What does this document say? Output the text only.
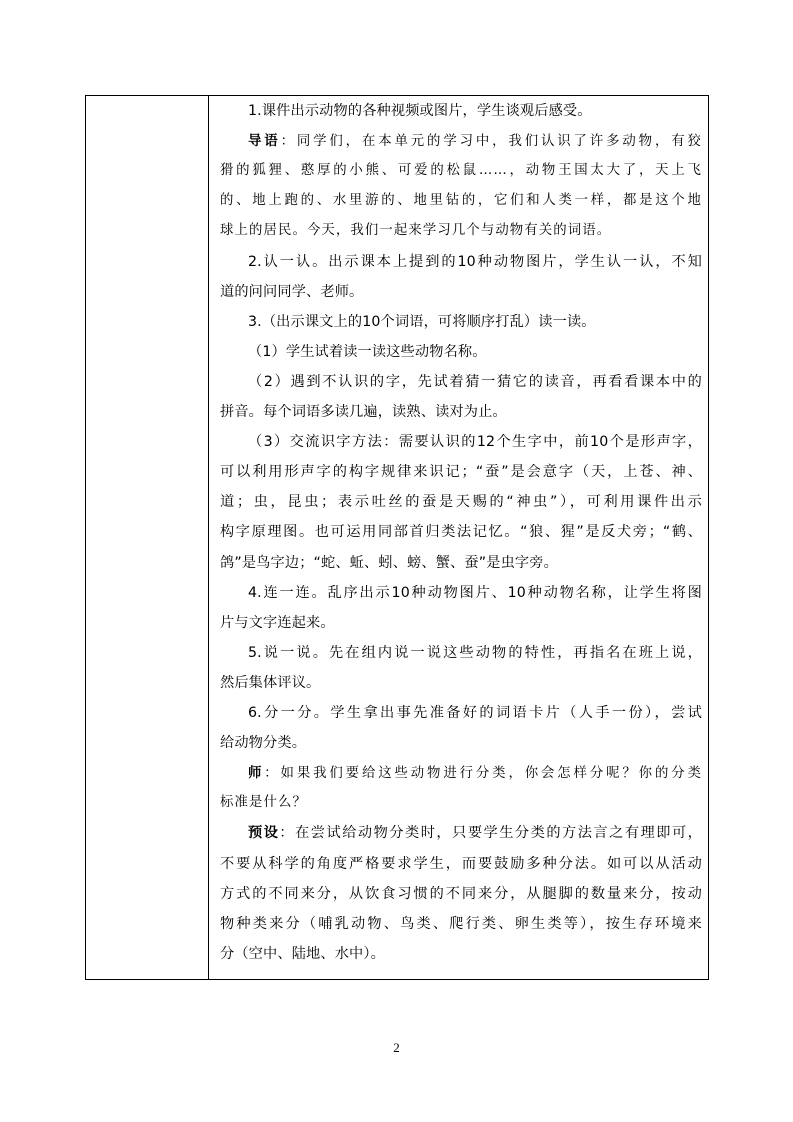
1.课件出示动物的各种视频或图片，学生谈观后感受。
导语：同学们，在本单元的学习中，我们认识了许多动物，有狡
猾的狐狸、憨厚的小熊、可爱的松鼠……，动物王国太大了，天上飞
的、地上跑的、水里游的、地里钻的，它们和人类一样，都是这个地
球上的居民。今天，我们一起来学习几个与动物有关的词语。
2.认一认。出示课本上提到的10种动物图片，学生认一认，不知
道的问问同学、老师。
3.（出示课文上的10个词语，可将顺序打乱）读一读。
（1）学生试着读一读这些动物名称。
（2）遇到不认识的字，先试着猜一猜它的读音，再看看课本中的
拼音。每个词语多读几遍，读熟、读对为止。
（3）交流识字方法：需要认识的12个生字中，前10个是形声字，
可以利用形声字的构字规律来识记；“蚕”是会意字（天，上苍、神、
道；虫，昆虫；表示吐丝的蚕是天赐的“神虫”），可利用课件出示
构字原理图。也可运用同部首归类法记忆。“狼、猩”是反犬旁；“鹤、
鸽”是鸟字边；“蛇、蚯、蚓、螃、蟹、蚕”是虫字旁。
4.连一连。乱序出示10种动物图片、10种动物名称，让学生将图
片与文字连起来。
5.说一说。先在组内说一说这些动物的特性，再指名在班上说，
然后集体评议。
6.分一分。学生拿出事先准备好的词语卡片（人手一份），尝试
给动物分类。
师：如果我们要给这些动物进行分类，你会怎样分呢？你的分类
标准是什么？
预设：在尝试给动物分类时，只要学生分类的方法言之有理即可，
不要从科学的角度严格要求学生，而要鼓励多种分法。如可以从活动
方式的不同来分，从饮食习惯的不同来分，从腿脚的数量来分，按动
物种类来分（哺乳动物、鸟类、爬行类、卵生类等），按生存环境来
分（空中、陆地、水中）。
2
